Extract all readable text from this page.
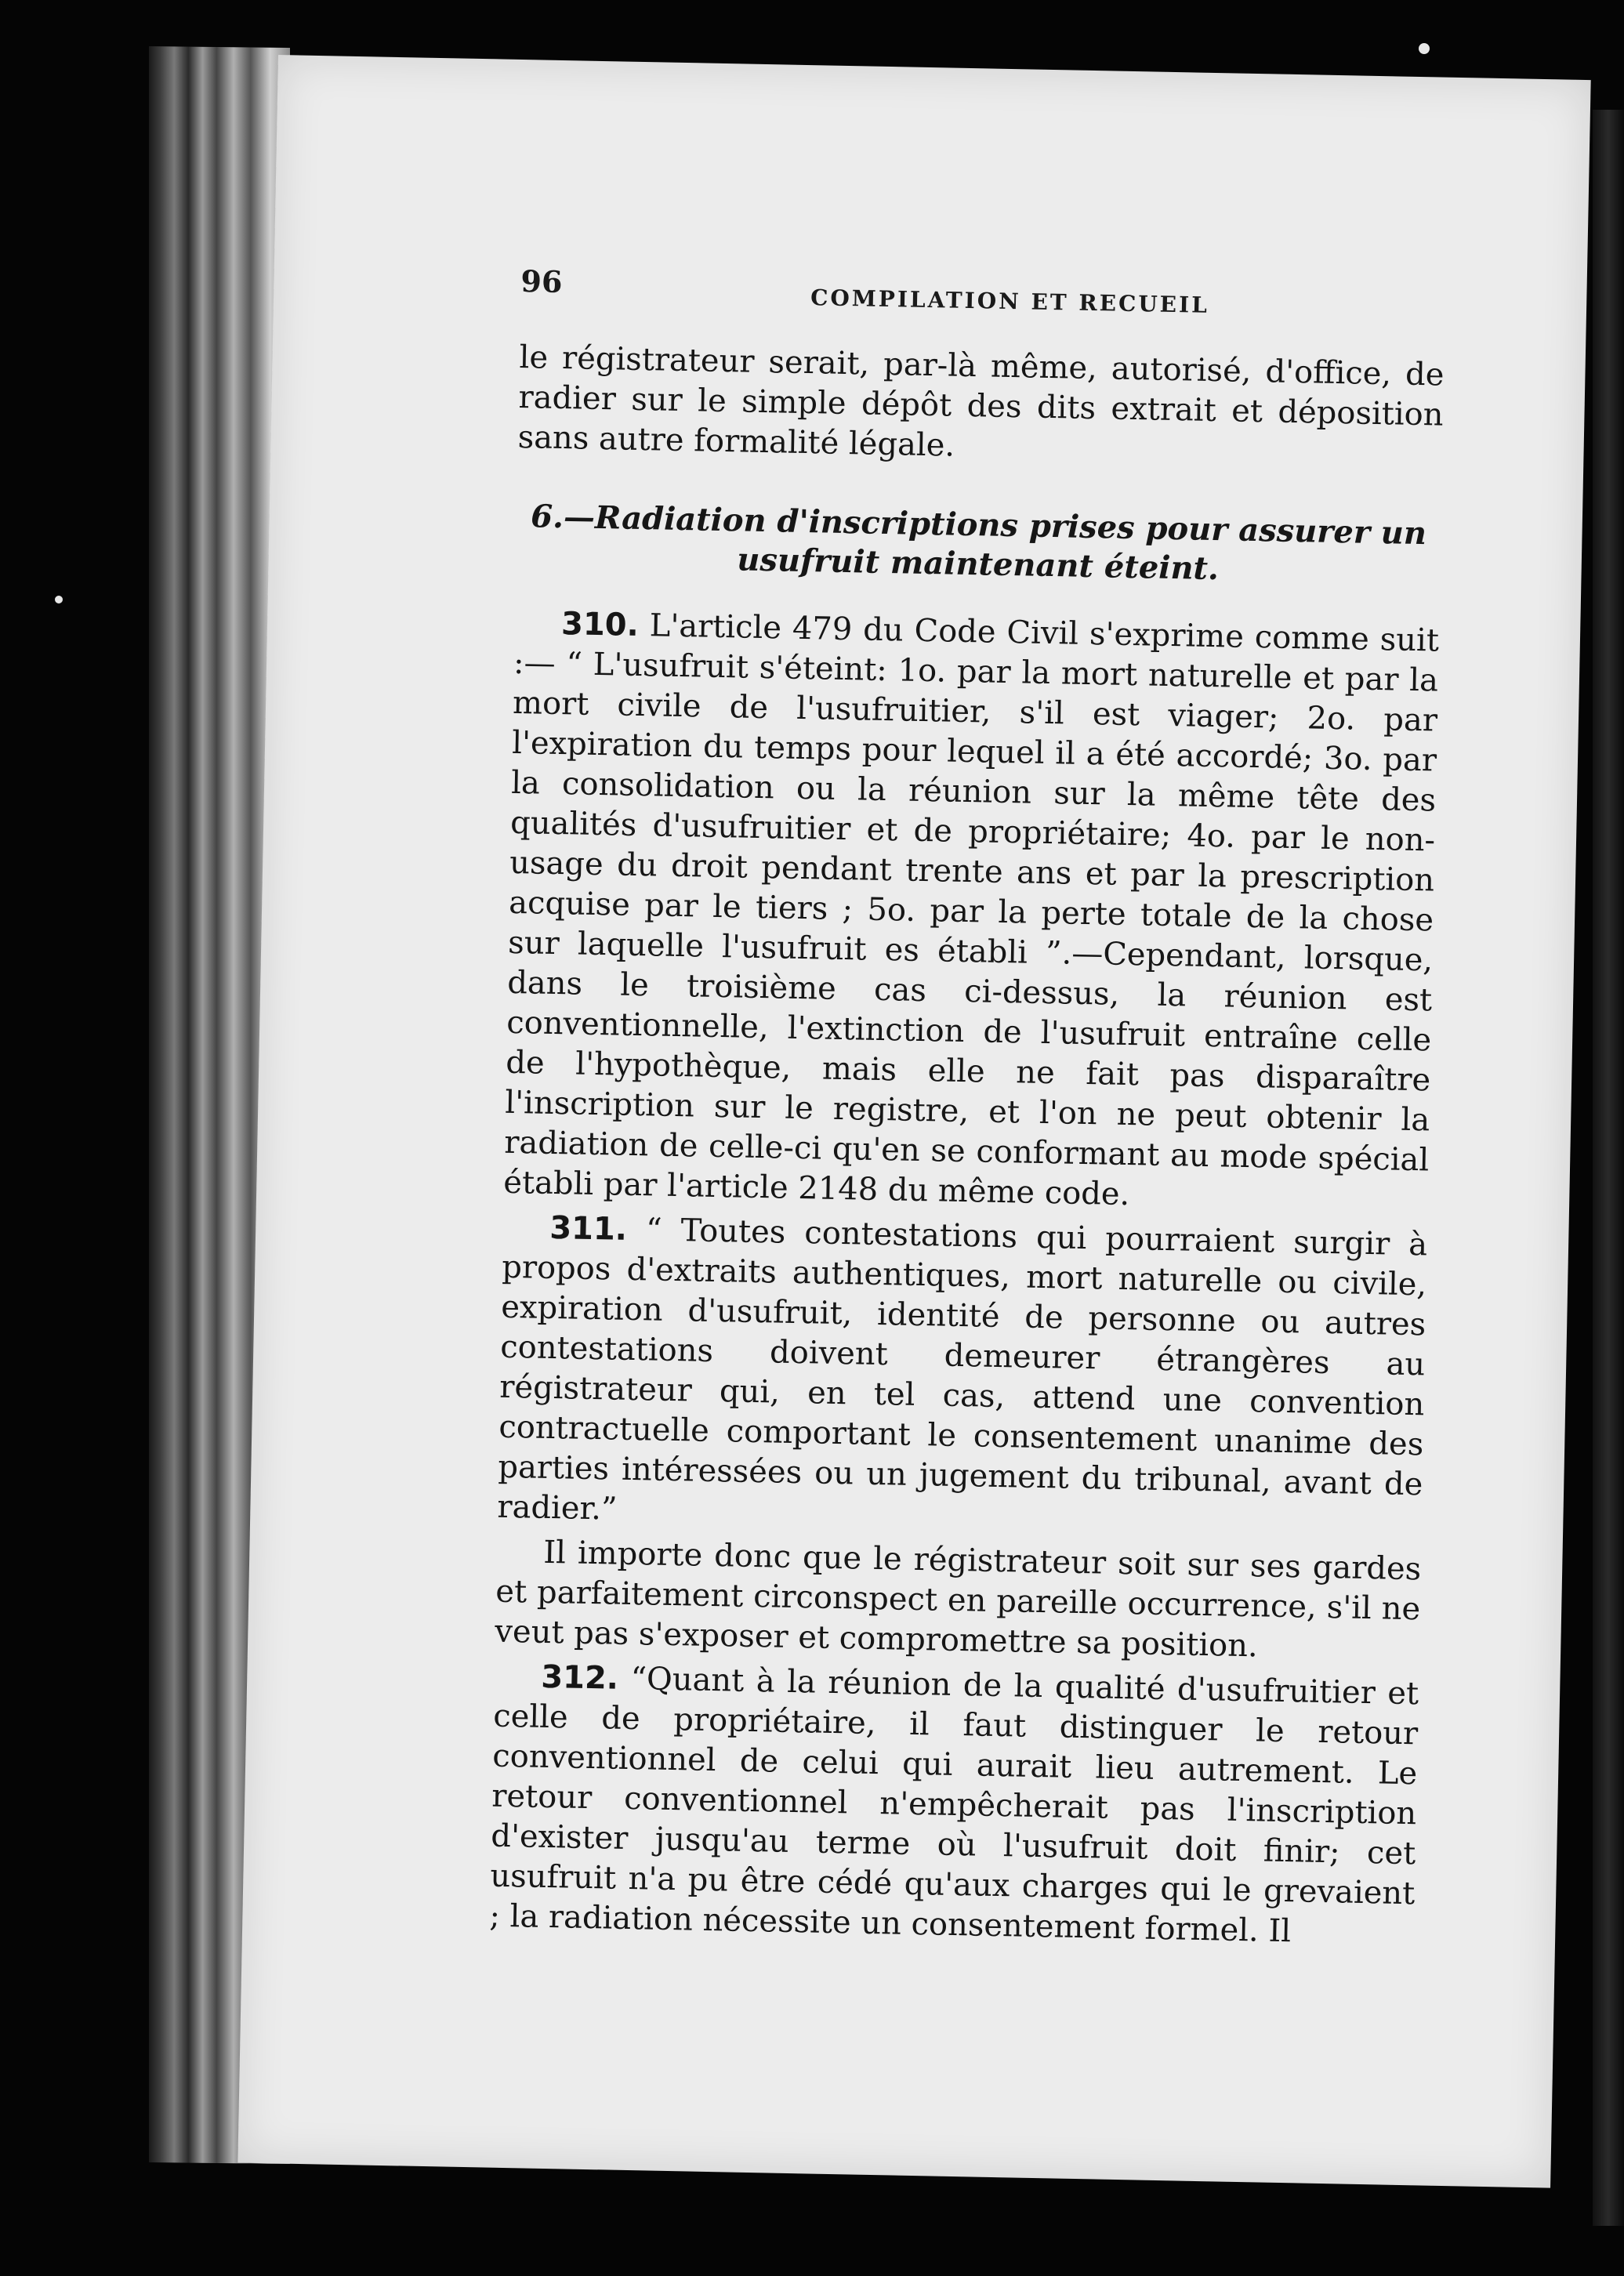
96
COMPILATION ET RECUEIL

le régistrateur serait, par-là même, autorisé, d'office, de radier sur le simple dépôt des dits extrait et déposition sans autre formalité légale.

6.—Radiation d'inscriptions prises pour assurer un usufruit maintenant éteint.

310. L'article 479 du Code Civil s'exprime comme suit :— “ L'usufruit s'éteint: 1o. par la mort naturelle et par la mort civile de l'usufruitier, s'il est viager; 2o. par l'expiration du temps pour lequel il a été accordé; 3o. par la consolidation ou la réunion sur la même tête des qualités d'usufruitier et de propriétaire; 4o. par le non-usage du droit pendant trente ans et par la prescription acquise par le tiers ; 5o. par la perte totale de la chose sur laquelle l'usufruit es établi ”.—Cependant, lorsque, dans le troisième cas ci-dessus, la réunion est conventionnelle, l'extinction de l'usufruit entraîne celle de l'hypothèque, mais elle ne fait pas disparaître l'inscription sur le registre, et l'on ne peut obtenir la radiation de celle-ci qu'en se conformant au mode spécial établi par l'article 2148 du même code.

311. “ Toutes contestations qui pourraient surgir à propos d'extraits authentiques, mort naturelle ou civile, expiration d'usufruit, identité de personne ou autres contestations doivent demeurer étrangères au régistrateur qui, en tel cas, attend une convention contractuelle comportant le consentement unanime des parties intéressées ou un jugement du tribunal, avant de radier.”

Il importe donc que le régistrateur soit sur ses gardes et parfaitement circonspect en pareille occurrence, s'il ne veut pas s'exposer et compromettre sa position.

312. “Quant à la réunion de la qualité d'usufruitier et celle de propriétaire, il faut distinguer le retour conventionnel de celui qui aurait lieu autrement. Le retour conventionnel n'empêcherait pas l'inscription d'exister jusqu'au terme où l'usufruit doit finir; cet usufruit n'a pu être cédé qu'aux charges qui le grevaient ; la radiation nécessite un consentement formel. Il
